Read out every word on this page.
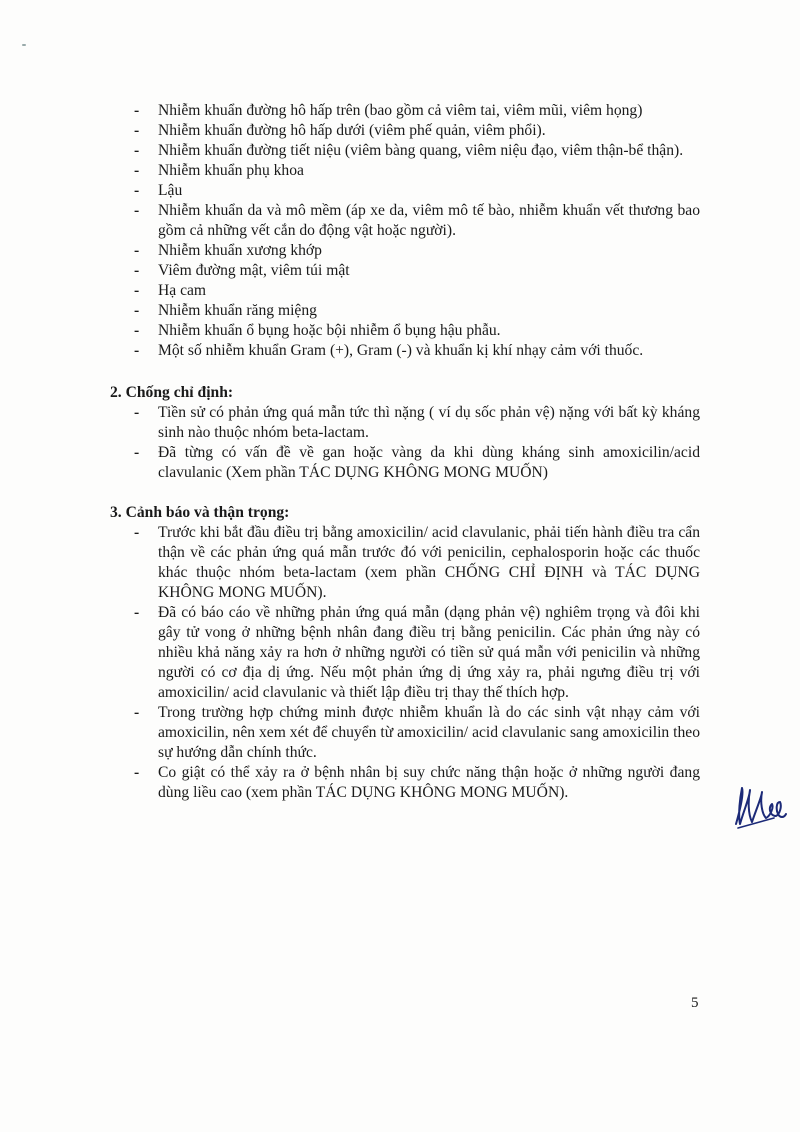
- Nhiễm khuẩn đường hô hấp trên (bao gồm cả viêm tai, viêm mũi, viêm họng)
- Nhiễm khuẩn đường hô hấp dưới (viêm phế quản, viêm phổi).
- Nhiễm khuẩn đường tiết niệu (viêm bàng quang, viêm niệu đạo, viêm thận-bể thận).
- Nhiễm khuẩn phụ khoa
- Lậu
- Nhiễm khuẩn da và mô mềm (áp xe da, viêm mô tế bào, nhiễm khuẩn vết thương bao gồm cả những vết cắn do động vật hoặc người).
- Nhiễm khuẩn xương khớp
- Viêm đường mật, viêm túi mật
- Hạ cam
- Nhiễm khuẩn răng miệng
- Nhiễm khuẩn ổ bụng hoặc bội nhiễm ổ bụng hậu phẫu.
- Một số nhiễm khuẩn Gram (+), Gram (-) và khuẩn kị khí nhạy cảm với thuốc.
2. Chống chỉ định:
- Tiền sử có phản ứng quá mẫn tức thì nặng ( ví dụ sốc phản vệ) nặng với bất kỳ kháng sinh nào thuộc nhóm beta-lactam.
- Đã từng có vấn đề về gan hoặc vàng da khi dùng kháng sinh amoxicilin/acid clavulanic (Xem phần TÁC DỤNG KHÔNG MONG MUỐN)
3. Cảnh báo và thận trọng:
- Trước khi bắt đầu điều trị bằng amoxicilin/ acid clavulanic, phải tiến hành điều tra cẩn thận về các phản ứng quá mẫn trước đó với penicilin, cephalosporin hoặc các thuốc khác thuộc nhóm beta-lactam (xem phần CHỐNG CHỈ ĐỊNH và TÁC DỤNG KHÔNG MONG MUỐN).
- Đã có báo cáo về những phản ứng quá mẫn (dạng phản vệ) nghiêm trọng và đôi khi gây tử vong ở những bệnh nhân đang điều trị bằng penicilin. Các phản ứng này có nhiều khả năng xảy ra hơn ở những người có tiền sử quá mẫn với penicilin và những người có cơ địa dị ứng. Nếu một phản ứng dị ứng xảy ra, phải ngưng điều trị với amoxicilin/ acid clavulanic và thiết lập điều trị thay thế thích hợp.
- Trong trường hợp chứng minh được nhiễm khuẩn là do các sinh vật nhạy cảm với amoxicilin, nên xem xét để chuyển từ amoxicilin/ acid clavulanic sang amoxicilin theo sự hướng dẫn chính thức.
- Co giật có thể xảy ra ở bệnh nhân bị suy chức năng thận hoặc ở những người đang dùng liều cao (xem phần TÁC DỤNG KHÔNG MONG MUỐN).
5
